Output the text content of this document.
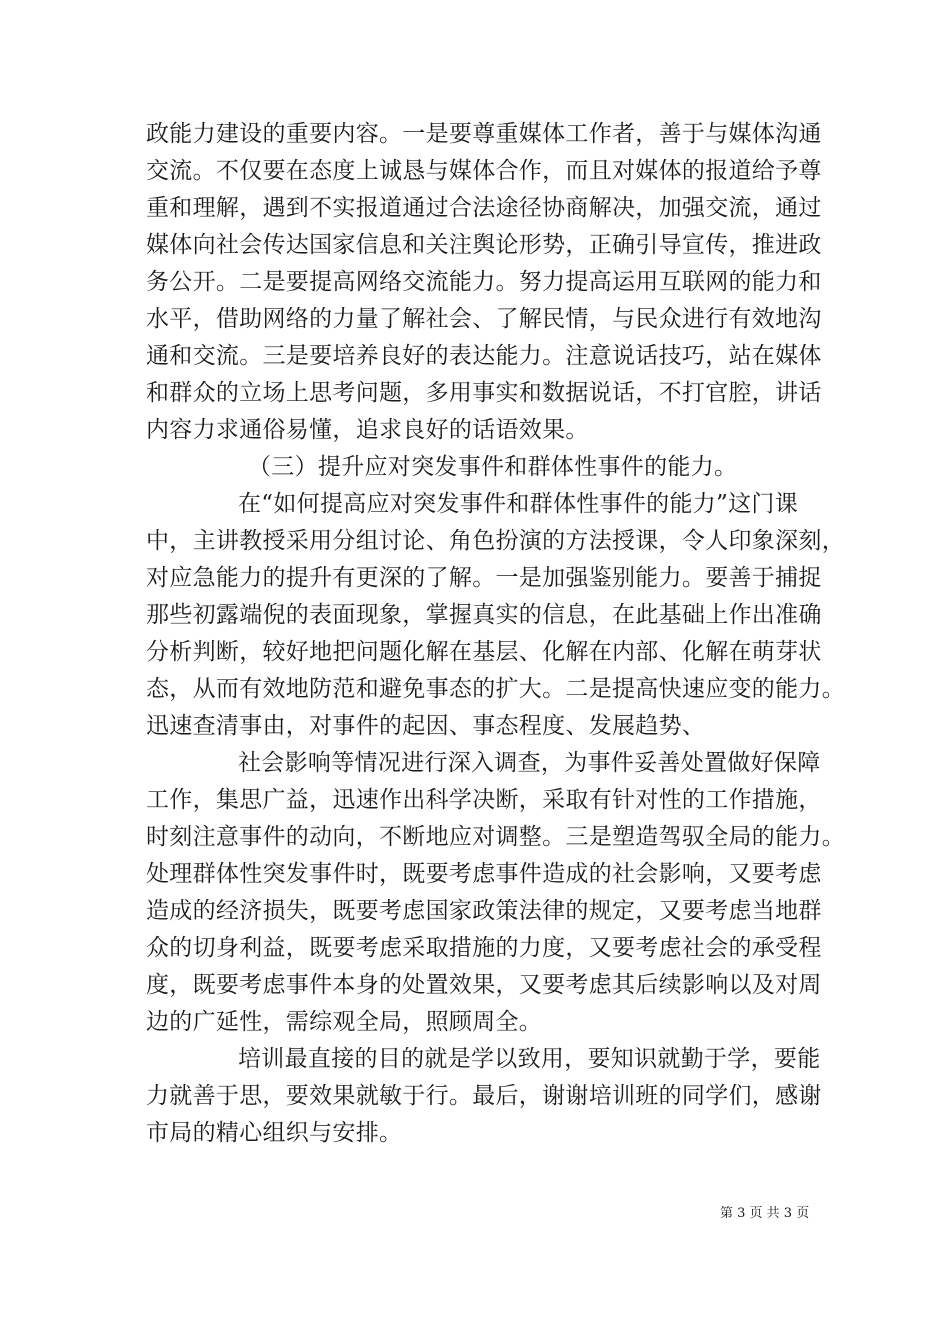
政能力建设的重要内容。一是要尊重媒体工作者，善于与媒体沟通
交流。不仅要在态度上诚恳与媒体合作，而且对媒体的报道给予尊
重和理解，遇到不实报道通过合法途径协商解决，加强交流，通过
媒体向社会传达国家信息和关注舆论形势，正确引导宣传，推进政
务公开。二是要提高网络交流能力。努力提高运用互联网的能力和
水平，借助网络的力量了解社会、了解民情，与民众进行有效地沟
通和交流。三是要培养良好的表达能力。注意说话技巧，站在媒体
和群众的立场上思考问题，多用事实和数据说话，不打官腔，讲话
内容力求通俗易懂，追求良好的话语效果。
（三）提升应对突发事件和群体性事件的能力。
在“如何提高应对突发事件和群体性事件的能力”这门课
中，主讲教授采用分组讨论、角色扮演的方法授课，令人印象深刻，
对应急能力的提升有更深的了解。一是加强鉴别能力。要善于捕捉
那些初露端倪的表面现象，掌握真实的信息，在此基础上作出准确
分析判断，较好地把问题化解在基层、化解在内部、化解在萌芽状
态，从而有效地防范和避免事态的扩大。二是提高快速应变的能力。
迅速查清事由，对事件的起因、事态程度、发展趋势、
社会影响等情况进行深入调查，为事件妥善处置做好保障
工作，集思广益，迅速作出科学决断，采取有针对性的工作措施，
时刻注意事件的动向，不断地应对调整。三是塑造驾驭全局的能力。
处理群体性突发事件时，既要考虑事件造成的社会影响，又要考虑
造成的经济损失，既要考虑国家政策法律的规定，又要考虑当地群
众的切身利益，既要考虑采取措施的力度，又要考虑社会的承受程
度，既要考虑事件本身的处置效果，又要考虑其后续影响以及对周
边的广延性，需综观全局，照顾周全。
培训最直接的目的就是学以致用，要知识就勤于学，要能
力就善于思，要效果就敏于行。最后，谢谢培训班的同学们，感谢
市局的精心组织与安排。
第 3 页 共 3 页
